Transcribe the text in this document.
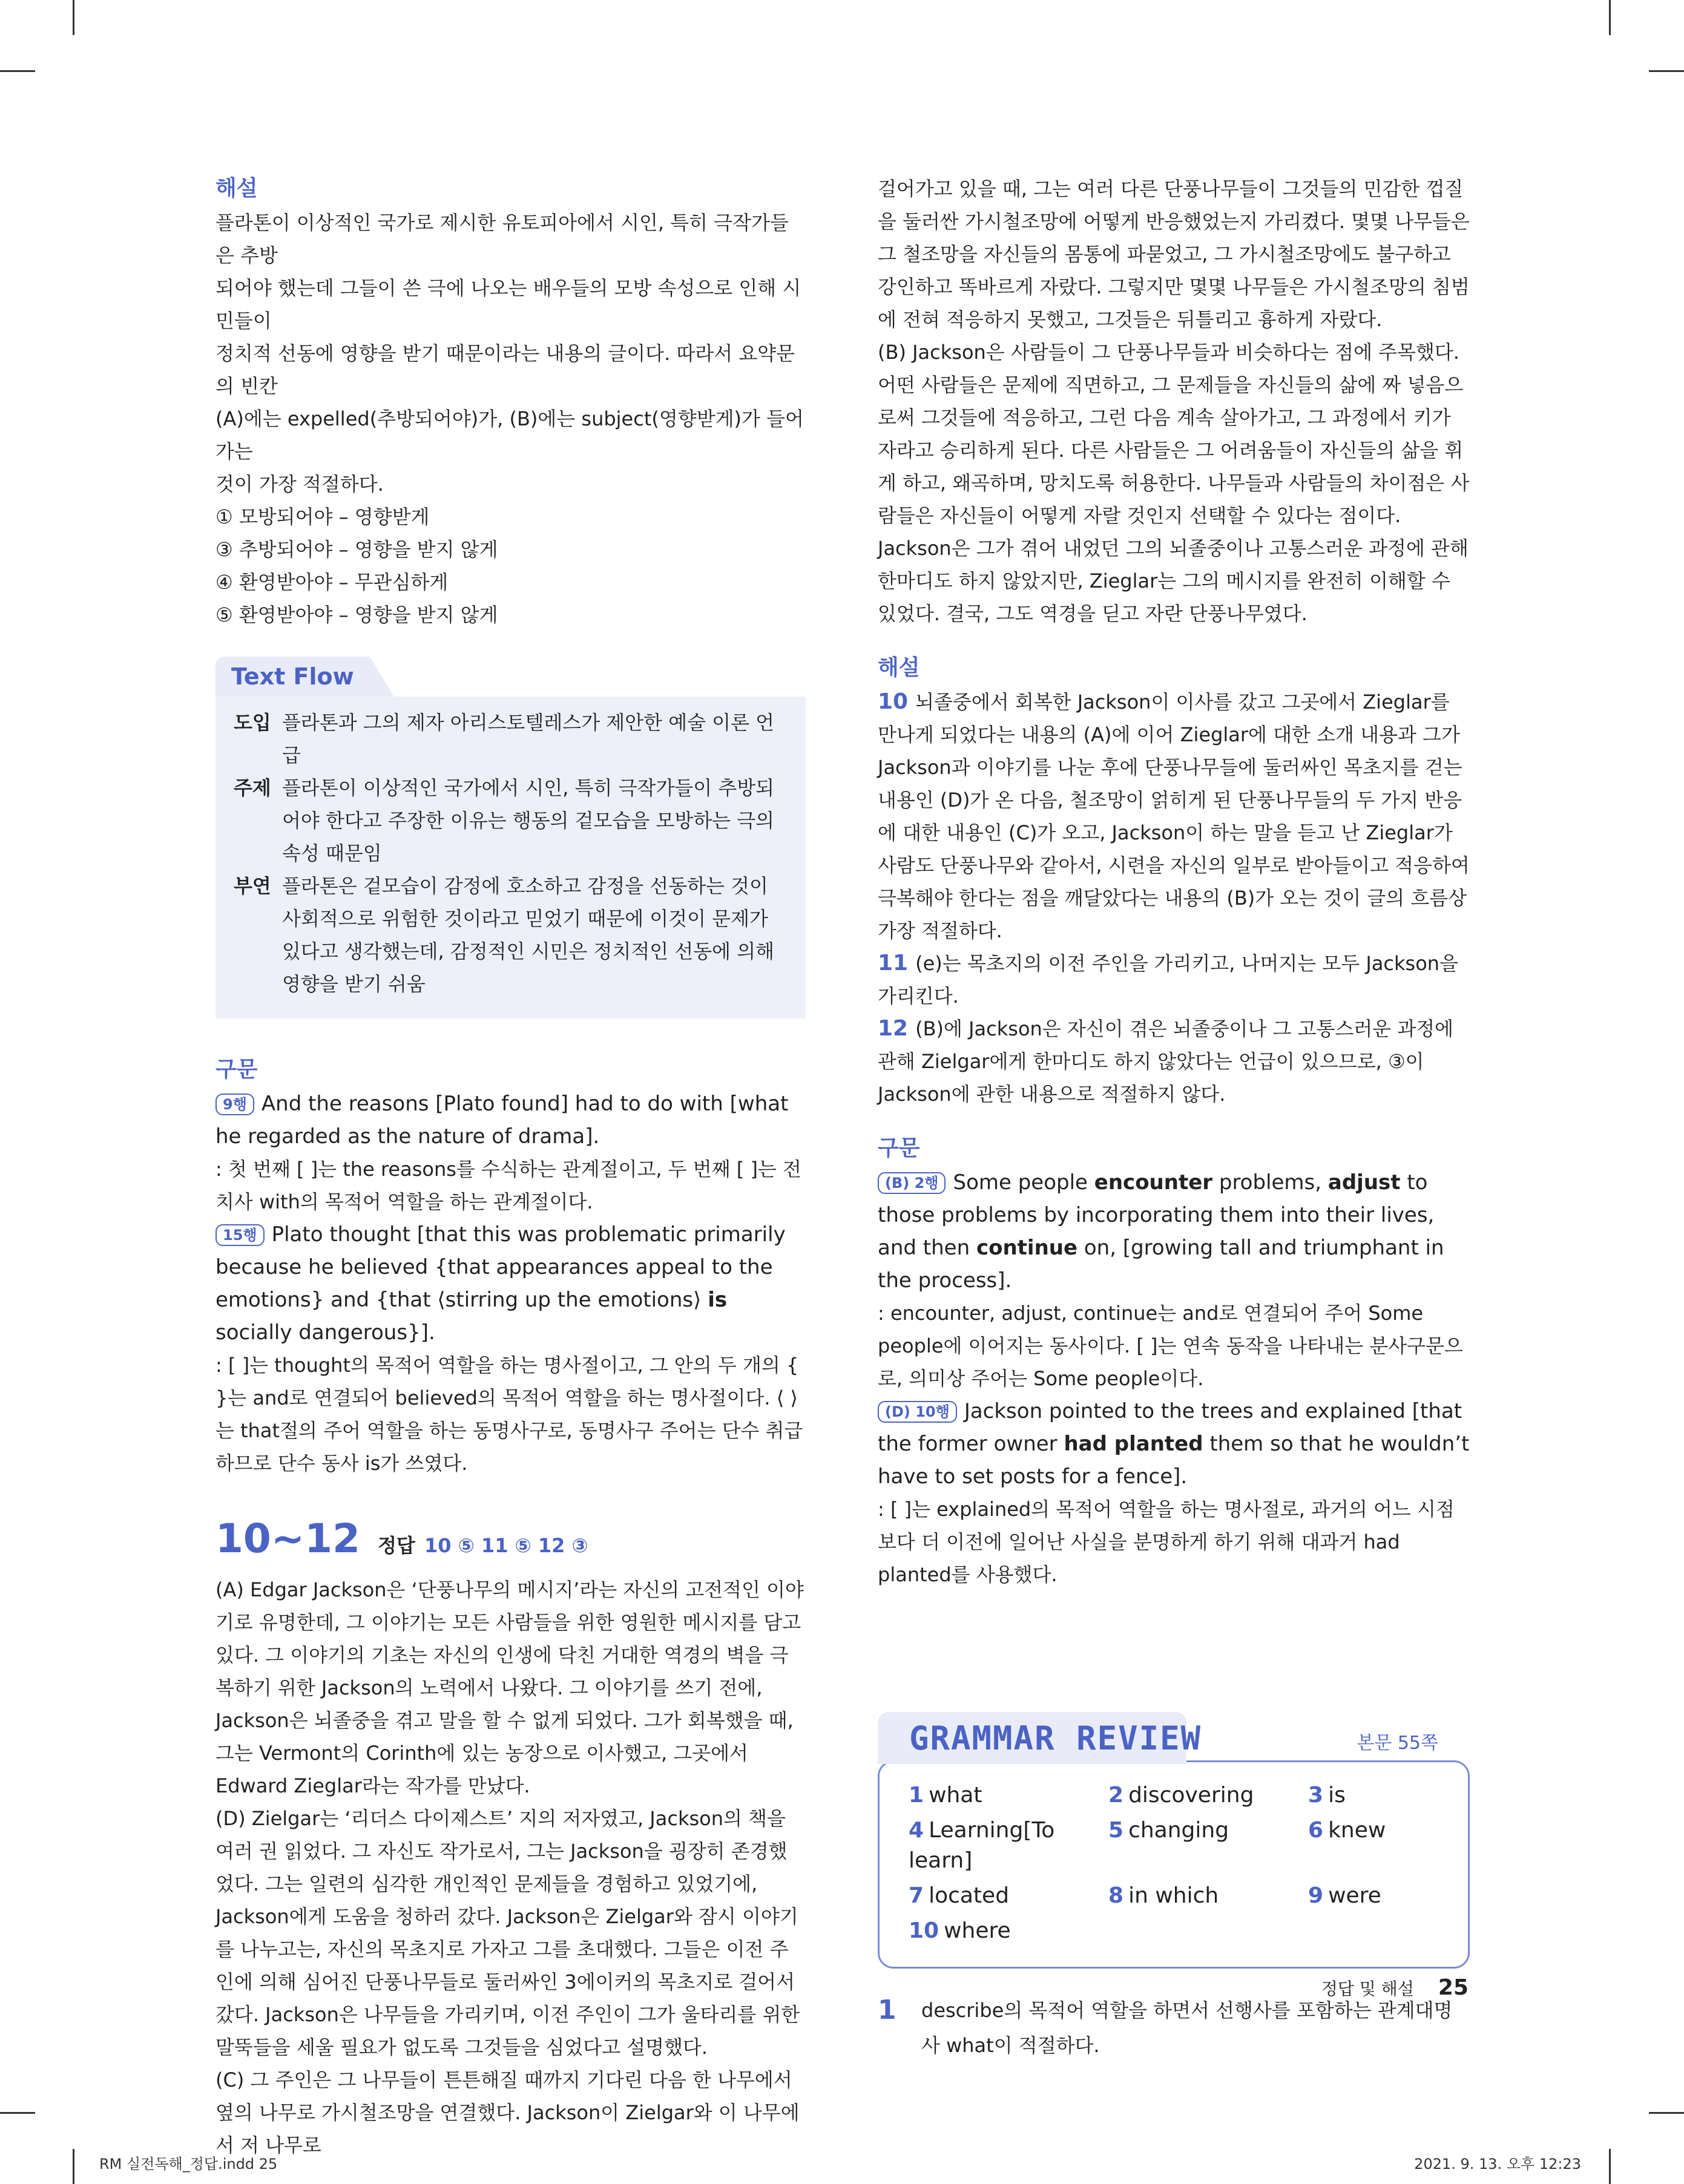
해설

플라톤이 이상적인 국가로 제시한 유토피아에서 시인, 특히 극작가들은 추방

되어야 했는데 그들이 쓴 극에 나오는 배우들의 모방 속성으로 인해 시민들이

정치적 선동에 영향을 받기 때문이라는 내용의 글이다. 따라서 요약문의 빈칸

(A)에는 expelled(추방되어야)가, (B)에는 subject(영향받게)가 들어가는

것이 가장 적절하다.

① 모방되어야 – 영향받게

③ 추방되어야 – 영향을 받지 않게

④ 환영받아야 – 무관심하게

⑤ 환영받아야 – 영향을 받지 않게

Text Flow
도입 플라톤과 그의 제자 아리스토텔레스가 제안한 예술 이론 언급
주제 플라톤이 이상적인 국가에서 시인, 특히 극작가들이 추방되어야 한다고 주장한 이유는 행동의 겉모습을 모방하는 극의 속성 때문임
부연 플라톤은 겉모습이 감정에 호소하고 감정을 선동하는 것이 사회적으로 위험한 것이라고 믿었기 때문에 이것이 문제가 있다고 생각했는데, 감정적인 시민은 정치적인 선동에 의해 영향을 받기 쉬움
구문

9행 And the reasons [Plato found] had to do with [what he regarded as the nature of drama].

: 첫 번째 [ ]는 the reasons를 수식하는 관계절이고, 두 번째 [ ]는 전치사 with의 목적어 역할을 하는 관계절이다.

15행 Plato thought [that this was problematic primarily because he believed {that appearances appeal to the emotions} and {that ⟨stirring up the emotions⟩ is socially dangerous}].

: [ ]는 thought의 목적어 역할을 하는 명사절이고, 그 안의 두 개의 { }는 and로 연결되어 believed의 목적어 역할을 하는 명사절이다. ⟨ ⟩는 that절의 주어 역할을 하는 동명사구로, 동명사구 주어는 단수 취급하므로 단수 동사 is가 쓰였다.

10~12 정답 10 ⑤ 11 ⑤ 12 ③

(A) Edgar Jackson은 ‘단풍나무의 메시지’라는 자신의 고전적인 이야기로 유명한데, 그 이야기는 모든 사람들을 위한 영원한 메시지를 담고 있다. 그 이야기의 기초는 자신의 인생에 닥친 거대한 역경의 벽을 극복하기 위한 Jackson의 노력에서 나왔다. 그 이야기를 쓰기 전에, Jackson은 뇌졸중을 겪고 말을 할 수 없게 되었다. 그가 회복했을 때, 그는 Vermont의 Corinth에 있는 농장으로 이사했고, 그곳에서 Edward Zieglar라는 작가를 만났다.

(D) Zielgar는 ‘리더스 다이제스트’ 지의 저자였고, Jackson의 책을 여러 권 읽었다. 그 자신도 작가로서, 그는 Jackson을 굉장히 존경했었다. 그는 일련의 심각한 개인적인 문제들을 경험하고 있었기에, Jackson에게 도움을 청하러 갔다. Jackson은 Zielgar와 잠시 이야기를 나누고는, 자신의 목초지로 가자고 그를 초대했다. 그들은 이전 주인에 의해 심어진 단풍나무들로 둘러싸인 3에이커의 목초지로 걸어서 갔다. Jackson은 나무들을 가리키며, 이전 주인이 그가 울타리를 위한 말뚝들을 세울 필요가 없도록 그것들을 심었다고 설명했다.

(C) 그 주인은 그 나무들이 튼튼해질 때까지 기다린 다음 한 나무에서 옆의 나무로 가시철조망을 연결했다. Jackson이 Zielgar와 이 나무에서 저 나무로

걸어가고 있을 때, 그는 여러 다른 단풍나무들이 그것들의 민감한 껍질을 둘러싼 가시철조망에 어떻게 반응했었는지 가리켰다. 몇몇 나무들은 그 철조망을 자신들의 몸통에 파묻었고, 그 가시철조망에도 불구하고 강인하고 똑바르게 자랐다. 그렇지만 몇몇 나무들은 가시철조망의 침범에 전혀 적응하지 못했고, 그것들은 뒤틀리고 흉하게 자랐다.

(B) Jackson은 사람들이 그 단풍나무들과 비슷하다는 점에 주목했다. 어떤 사람들은 문제에 직면하고, 그 문제들을 자신들의 삶에 짜 넣음으로써 그것들에 적응하고, 그런 다음 계속 살아가고, 그 과정에서 키가 자라고 승리하게 된다. 다른 사람들은 그 어려움들이 자신들의 삶을 휘게 하고, 왜곡하며, 망치도록 허용한다. 나무들과 사람들의 차이점은 사람들은 자신들이 어떻게 자랄 것인지 선택할 수 있다는 점이다. Jackson은 그가 겪어 내었던 그의 뇌졸중이나 고통스러운 과정에 관해 한마디도 하지 않았지만, Zieglar는 그의 메시지를 완전히 이해할 수 있었다. 결국, 그도 역경을 딛고 자란 단풍나무였다.

해설

10 뇌졸중에서 회복한 Jackson이 이사를 갔고 그곳에서 Zieglar를 만나게 되었다는 내용의 (A)에 이어 Zieglar에 대한 소개 내용과 그가 Jackson과 이야기를 나눈 후에 단풍나무들에 둘러싸인 목초지를 걷는 내용인 (D)가 온 다음, 철조망이 얽히게 된 단풍나무들의 두 가지 반응에 대한 내용인 (C)가 오고, Jackson이 하는 말을 듣고 난 Zieglar가 사람도 단풍나무와 같아서, 시련을 자신의 일부로 받아들이고 적응하여 극복해야 한다는 점을 깨달았다는 내용의 (B)가 오는 것이 글의 흐름상 가장 적절하다.

11 (e)는 목초지의 이전 주인을 가리키고, 나머지는 모두 Jackson을 가리킨다.

12 (B)에 Jackson은 자신이 겪은 뇌졸중이나 그 고통스러운 과정에 관해 Zielgar에게 한마디도 하지 않았다는 언급이 있으므로, ③이 Jackson에 관한 내용으로 적절하지 않다.

구문

(B) 2행 Some people encounter problems, adjust to those problems by incorporating them into their lives, and then continue on, [growing tall and triumphant in the process].

: encounter, adjust, continue는 and로 연결되어 주어 Some people에 이어지는 동사이다. [ ]는 연속 동작을 나타내는 분사구문으로, 의미상 주어는 Some people이다.

(D) 10행 Jackson pointed to the trees and explained [that the former owner had planted them so that he wouldn’t have to set posts for a fence].

: [ ]는 explained의 목적어 역할을 하는 명사절로, 과거의 어느 시점보다 더 이전에 일어난 사실을 분명하게 하기 위해 대과거 had planted를 사용했다.

GRAMMAR REVIEW	본문 55쪽
1 what	2 discovering	3 is
4 Learning[To learn]
5 changing	6 knew
7 located	8 in which	9 were
10 where
1	describe의 목적어 역할을 하면서 선행사를 포함하는 관계대명사 what이 적절하다.
정답 및 해설 25
RM 실전독해_정답.indd 25	2021. 9. 13. 오후 12:23
